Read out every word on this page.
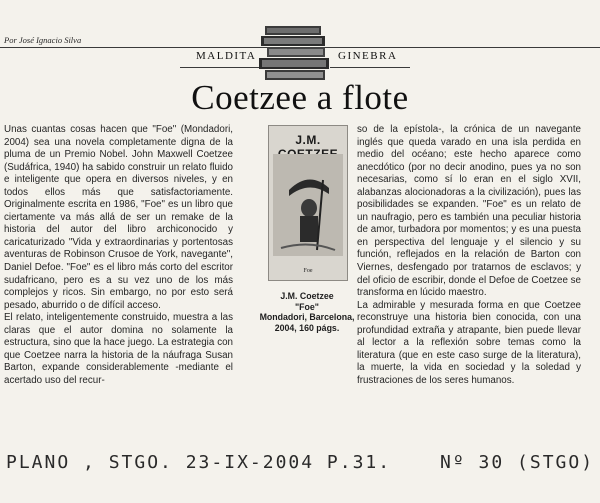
Por José Ignacio Silva
MALDITA	GINEBRA
Coetzee a flote

Unas cuantas cosas hacen que "Foe" (Mondadori, 2004) sea una novela completamente digna de la pluma de un Premio Nobel. John Maxwell Coetzee (Sudáfrica, 1940) ha sabido construir un relato fluido e inteligente que opera en diversos niveles, y en todos ellos más que satisfactoriamente. Originalmente escrita en 1986, "Foe" es un libro que ciertamente va más allá de ser un remake de la historia del autor del libro archiconocido y caricaturizado "Vida y extraordinarias y portentosas aventuras de Robinson Crusoe de York, navegante", Daniel Defoe. "Foe" es el libro más corto del escritor sudafricano, pero es a su vez uno de los más complejos y ricos. Sin embargo, no por esto será pesado, aburrido o de difícil acceso.

El relato, inteligentemente construido, muestra a las claras que el autor domina no solamente la estructura, sino que la hace juego. La estrategia con que Coetzee narra la historia de la náufraga Susan Barton, expande considerablemente -mediante el acertado uso del recur-

J.M.
Foe
J.M. Coetzee
"Foe"
Mondadori, Barcelona,
2004, 160 págs.

so de la epístola-, la crónica de un navegante inglés que queda varado en una isla perdida en medio del océano; este hecho aparece como anecdótico (por no decir anodino, pues ya no son necesarias, como sí lo eran en el siglo XVII, alabanzas alocionadoras a la civilización), pues las posibilidades se expanden. "Foe" es un relato de un naufragio, pero es también una peculiar historia de amor, turbadora por momentos; y es una puesta en perspectiva del lenguaje y el silencio y su función, reflejados en la relación de Barton con Viernes, desfengado por tratarnos de esclavos; y del oficio de escribir, donde el Defoe de Coetzee se transforma en lúcido maestro.

La admirable y mesurada forma en que Coetzee reconstruye una historia bien conocida, con una profundidad extraña y atrapante, bien puede llevar al lector a la reflexión sobre temas como la literatura (que en este caso surge de la literatura), la muerte, la vida en sociedad y la soledad y frustraciones de los seres humanos.

PLANO , STGO. 23-IX-2004 P.31.	Nº 30 (STGO)
